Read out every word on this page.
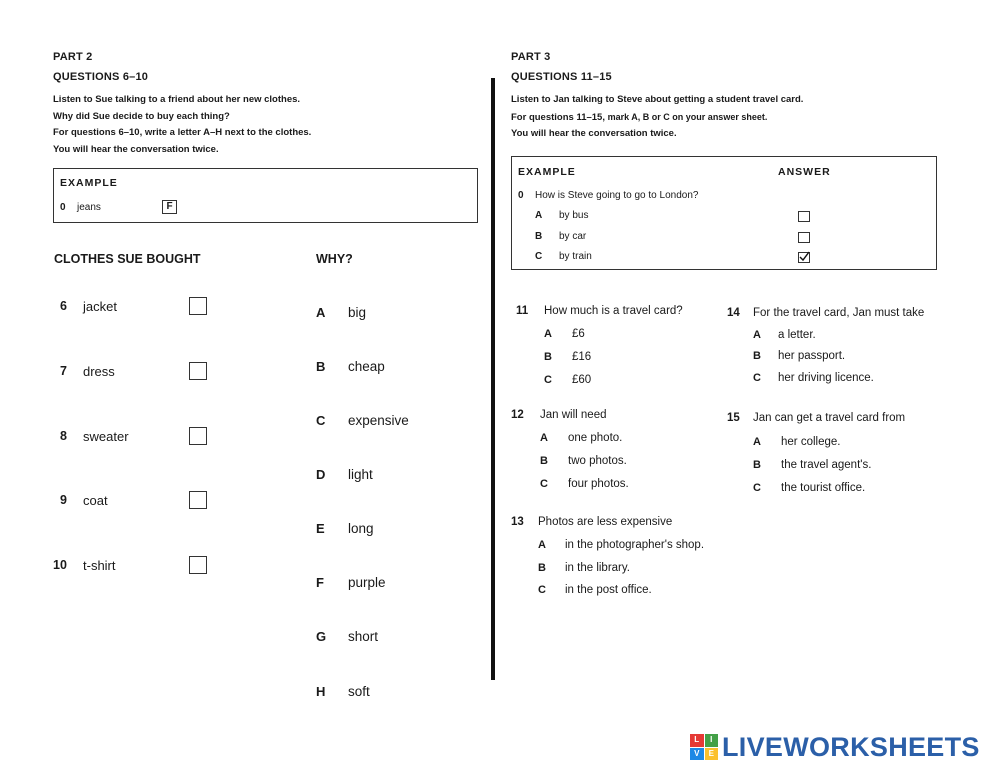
PART 2
QUESTIONS 6–10
Listen to Sue talking to a friend about her new clothes.
Why did Sue decide to buy each thing?
For questions 6–10, write a letter A–H next to the clothes.
You will hear the conversation twice.
EXAMPLE
0 jeans	F
CLOTHES SUE BOUGHT	WHY?
6 jacket
7 dress
8 sweater
9 coat
10 t-shirt
A big
B cheap
C expensive
D light
E long
F purple
G short
H soft
PART 3
QUESTIONS 11–15
Listen to Jan talking to Steve about getting a student travel card.
For questions 11–15, mark A, B or C on your answer sheet.
You will hear the conversation twice.
EXAMPLE	ANSWER
0 How is Steve going to go to London?
A by bus
B by car
C by train
11 How much is a travel card?
A £6
B £16
C £60
12 Jan will need
A one photo.
B two photos.
C four photos.
13 Photos are less expensive
A in the photographer's shop.
B in the library.
C in the post office.
14 For the travel card, Jan must take
A a letter.
B her passport.
C her driving licence.
15 Jan can get a travel card from
A her college.
B the travel agent's.
C the tourist office.
L	I
V	E LIVEWORKSHEETS
